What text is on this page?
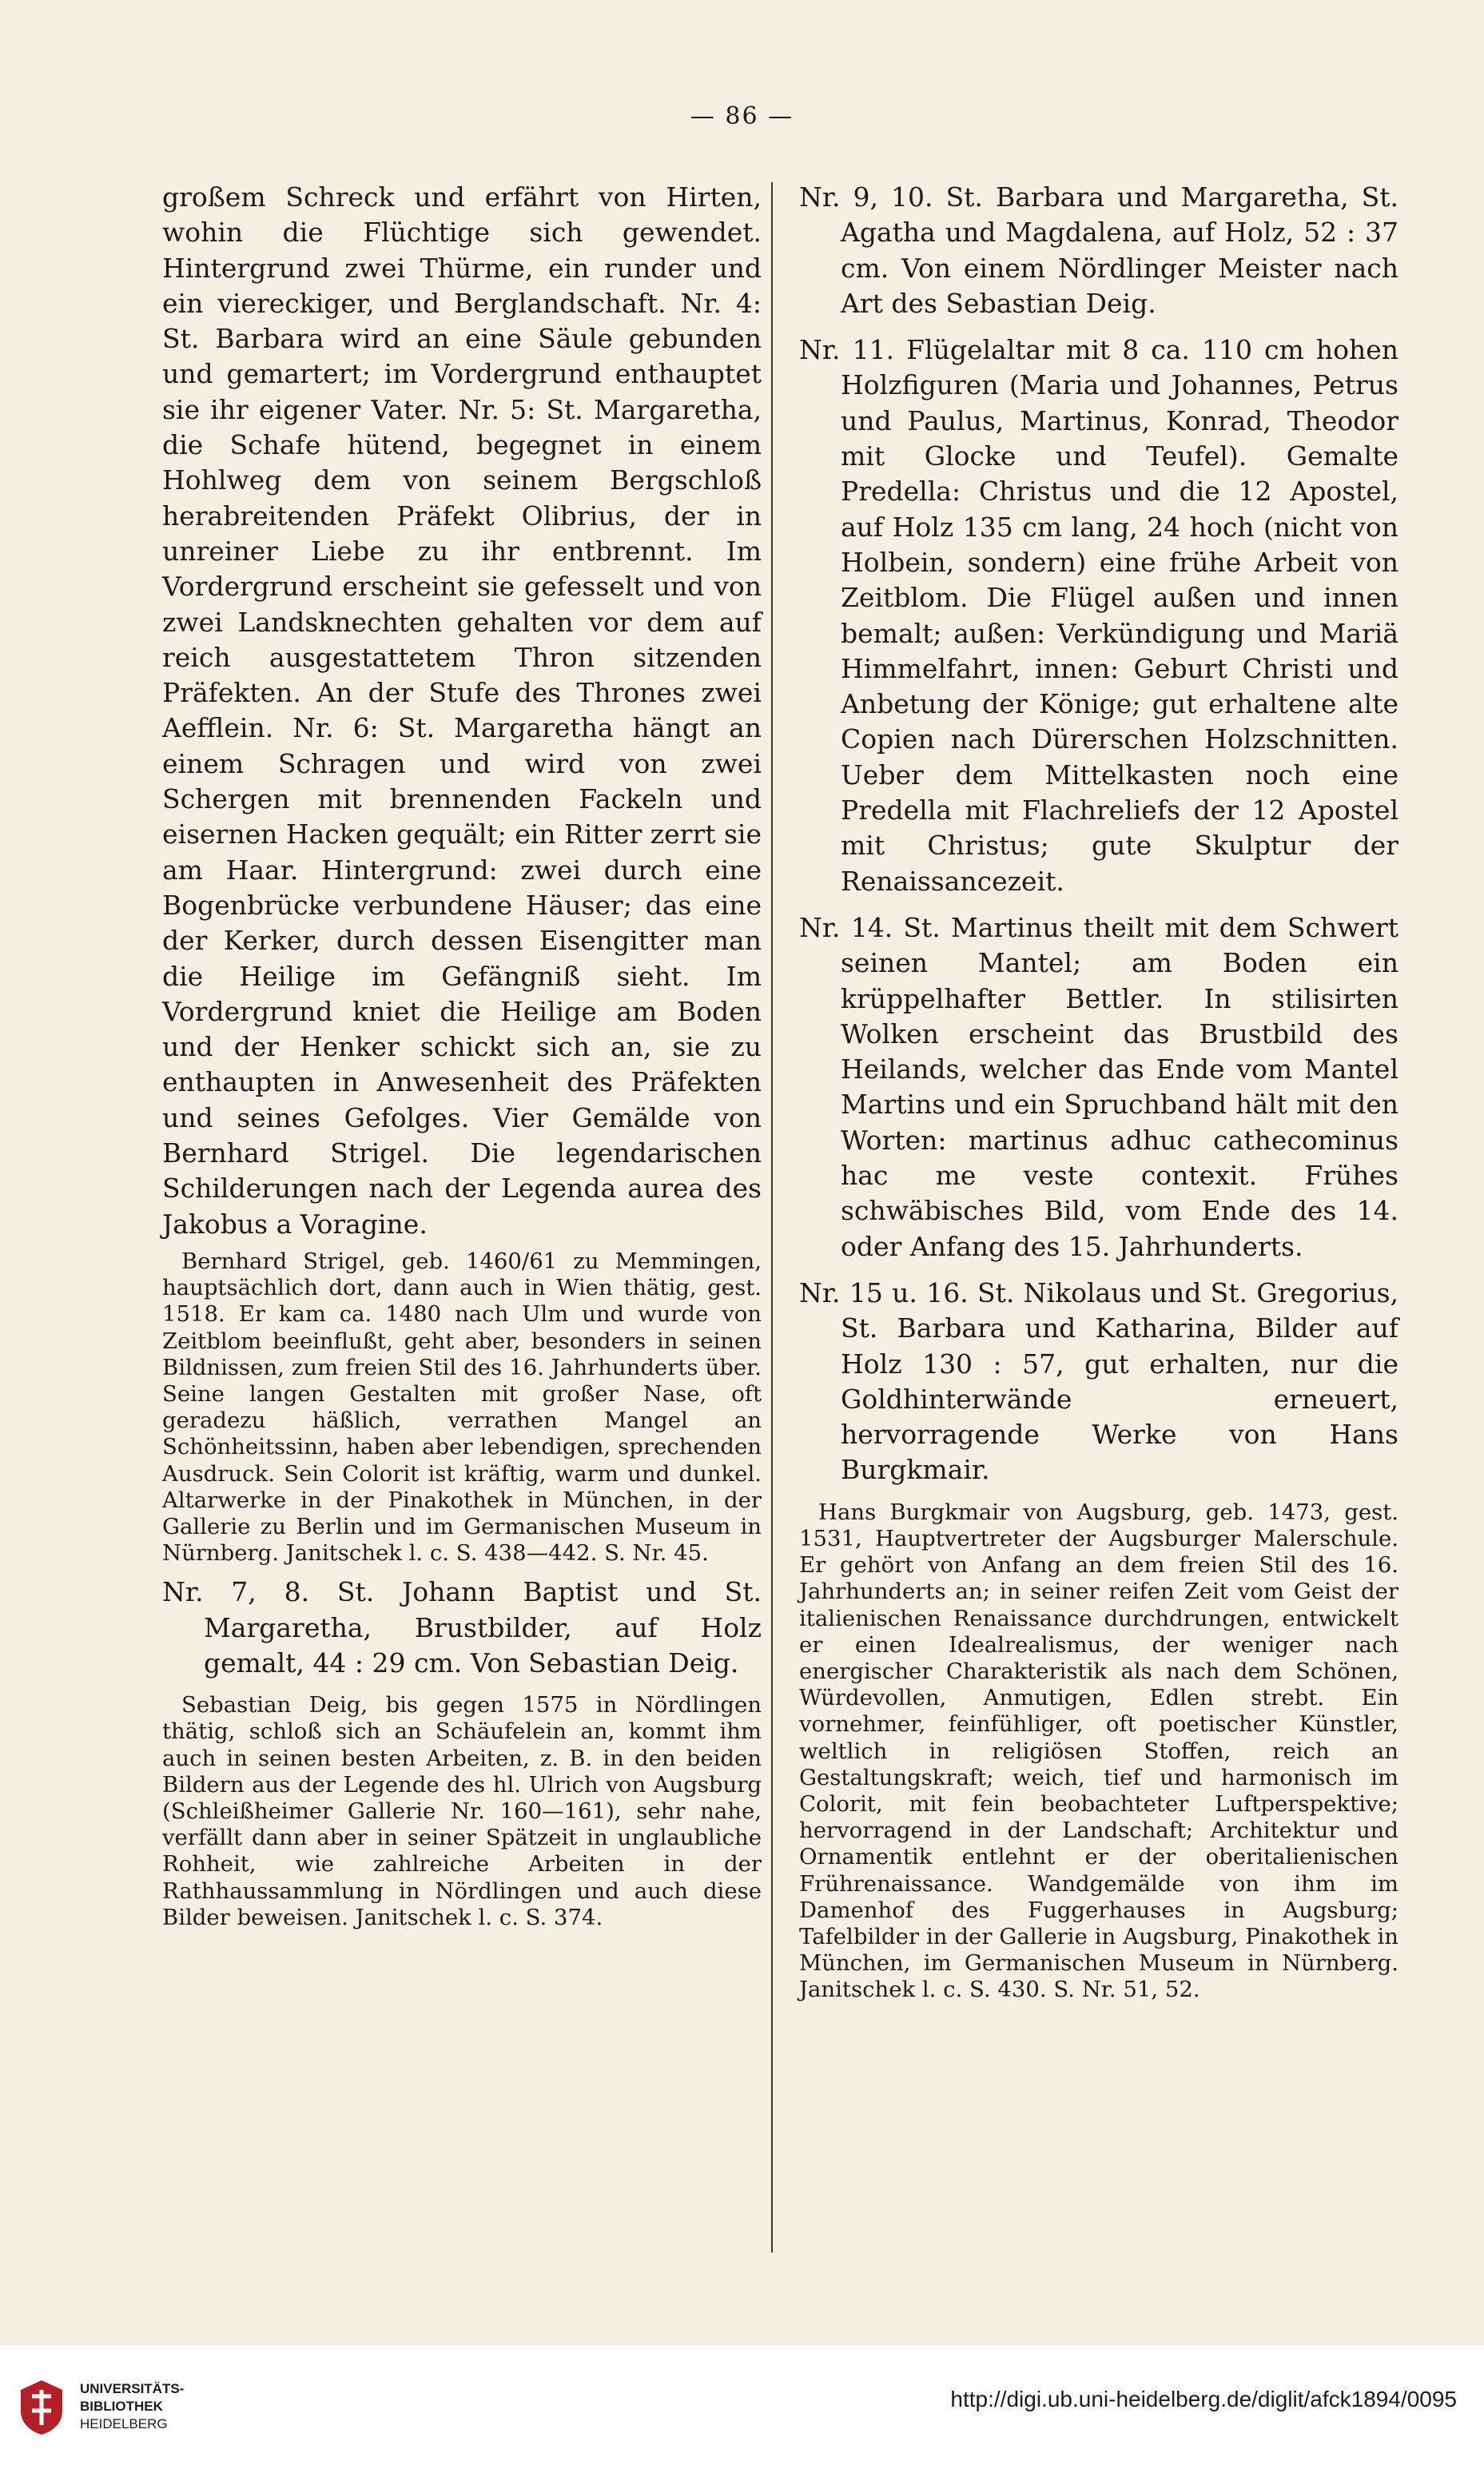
— 86 —

großem Schreck und erfährt von Hirten, wohin die Flüchtige sich gewendet. Hintergrund zwei Thürme, ein runder und ein viereckiger, und Berglandschaft. Nr. 4: St. Barbara wird an eine Säule gebunden und gemartert; im Vordergrund enthauptet sie ihr eigener Vater. Nr. 5: St. Margaretha, die Schafe hütend, begegnet in einem Hohlweg dem von seinem Bergschloß herabreitenden Präfekt Olibrius, der in unreiner Liebe zu ihr entbrennt. Im Vordergrund erscheint sie gefesselt und von zwei Landsknechten gehalten vor dem auf reich ausgestattetem Thron sitzenden Präfekten. An der Stufe des Thrones zwei Aefflein. Nr. 6: St. Margaretha hängt an einem Schragen und wird von zwei Schergen mit brennenden Fackeln und eisernen Hacken gequält; ein Ritter zerrt sie am Haar. Hintergrund: zwei durch eine Bogenbrücke verbundene Häuser; das eine der Kerker, durch dessen Eisengitter man die Heilige im Gefängniß sieht. Im Vordergrund kniet die Heilige am Boden und der Henker schickt sich an, sie zu enthaupten in Anwesenheit des Präfekten und seines Gefolges. Vier Gemälde von Bernhard Strigel. Die legendarischen Schilderungen nach der Legenda aurea des Jakobus a Voragine.

Bernhard Strigel, geb. 1460/61 zu Memmingen, hauptsächlich dort, dann auch in Wien thätig, gest. 1518. Er kam ca. 1480 nach Ulm und wurde von Zeitblom beeinflußt, geht aber, besonders in seinen Bildnissen, zum freien Stil des 16. Jahrhunderts über. Seine langen Gestalten mit großer Nase, oft geradezu häßlich, verrathen Mangel an Schönheitssinn, haben aber lebendigen, sprechenden Ausdruck. Sein Colorit ist kräftig, warm und dunkel. Altarwerke in der Pinakothek in München, in der Gallerie zu Berlin und im Germanischen Museum in Nürnberg. Janitschek l. c. S. 438—442. S. Nr. 45.

Nr. 7, 8. St. Johann Baptist und St. Margaretha, Brustbilder, auf Holz gemalt, 44 : 29 cm. Von Sebastian Deig.

Sebastian Deig, bis gegen 1575 in Nördlingen thätig, schloß sich an Schäufelein an, kommt ihm auch in seinen besten Arbeiten, z. B. in den beiden Bildern aus der Legende des hl. Ulrich von Augsburg (Schleißheimer Gallerie Nr. 160—161), sehr nahe, verfällt dann aber in seiner Spätzeit in unglaubliche Rohheit, wie zahlreiche Arbeiten in der Rathhaussammlung in Nördlingen und auch diese Bilder beweisen. Janitschek l. c. S. 374.

Nr. 9, 10. St. Barbara und Margaretha, St. Agatha und Magdalena, auf Holz, 52 : 37 cm. Von einem Nördlinger Meister nach Art des Sebastian Deig.

Nr. 11. Flügelaltar mit 8 ca. 110 cm hohen Holzfiguren (Maria und Johannes, Petrus und Paulus, Martinus, Konrad, Theodor mit Glocke und Teufel). Gemalte Predella: Christus und die 12 Apostel, auf Holz 135 cm lang, 24 hoch (nicht von Holbein, sondern) eine frühe Arbeit von Zeitblom. Die Flügel außen und innen bemalt; außen: Verkündigung und Mariä Himmelfahrt, innen: Geburt Christi und Anbetung der Könige; gut erhaltene alte Copien nach Dürerschen Holzschnitten. Ueber dem Mittelkasten noch eine Predella mit Flachreliefs der 12 Apostel mit Christus; gute Skulptur der Renaissancezeit.

Nr. 14. St. Martinus theilt mit dem Schwert seinen Mantel; am Boden ein krüppelhafter Bettler. In stilisirten Wolken erscheint das Brustbild des Heilands, welcher das Ende vom Mantel Martins und ein Spruchband hält mit den Worten: martinus adhuc cathecominus hac me veste contexit. Frühes schwäbisches Bild, vom Ende des 14. oder Anfang des 15. Jahrhunderts.

Nr. 15 u. 16. St. Nikolaus und St. Gregorius, St. Barbara und Katharina, Bilder auf Holz 130 : 57, gut erhalten, nur die Goldhinterwände erneuert, hervorragende Werke von Hans Burgkmair.

Hans Burgkmair von Augsburg, geb. 1473, gest. 1531, Hauptvertreter der Augsburger Malerschule. Er gehört von Anfang an dem freien Stil des 16. Jahrhunderts an; in seiner reifen Zeit vom Geist der italienischen Renaissance durchdrungen, entwickelt er einen Idealrealismus, der weniger nach energischer Charakteristik als nach dem Schönen, Würdevollen, Anmutigen, Edlen strebt. Ein vornehmer, feinfühliger, oft poetischer Künstler, weltlich in religiösen Stoffen, reich an Gestaltungskraft; weich, tief und harmonisch im Colorit, mit fein beobachteter Luftperspektive; hervorragend in der Landschaft; Architektur und Ornamentik entlehnt er der oberitalienischen Frührenaissance. Wandgemälde von ihm im Damenhof des Fuggerhauses in Augsburg; Tafelbilder in der Gallerie in Augsburg, Pinakothek in München, im Germanischen Museum in Nürnberg. Janitschek l. c. S. 430. S. Nr. 51, 52.

UNIVERSITÄTS-
BIBLIOTHEK
HEIDELBERG
http://digi.ub.uni-heidelberg.de/diglit/afck1894/0095
